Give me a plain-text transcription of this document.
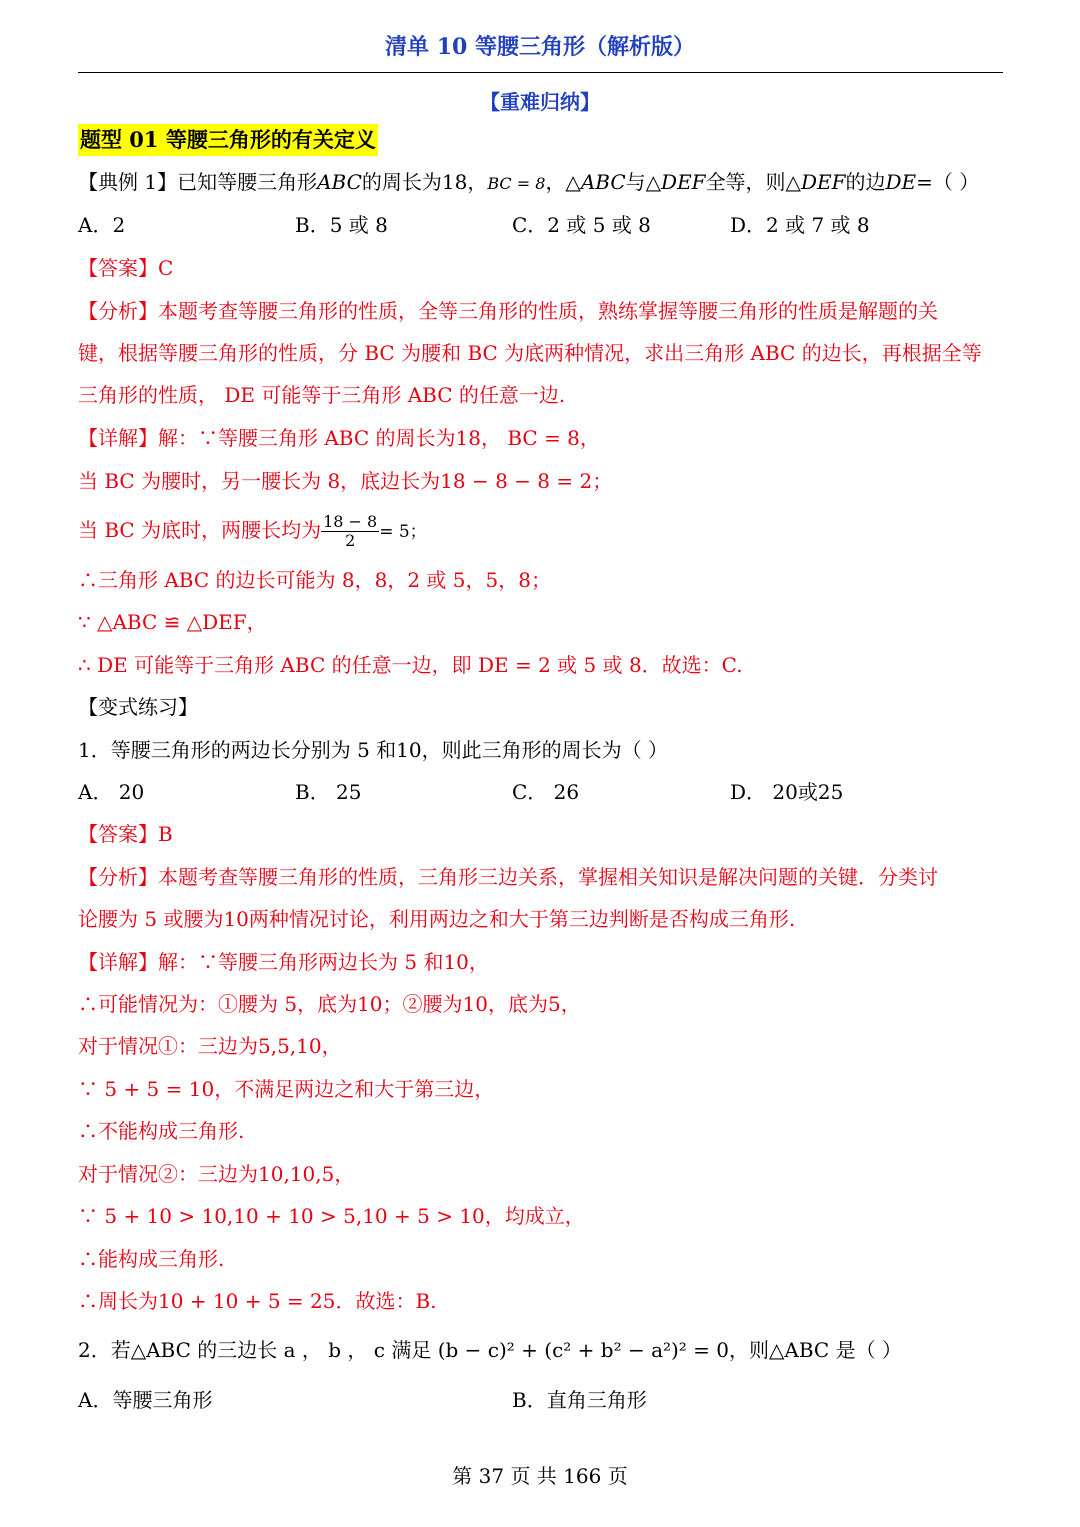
清单 10 等腰三角形（解析版）
【重难归纳】
题型 01 等腰三角形的有关定义
【典例 1】已知等腰三角形ABC的周长为18，BC = 8，△ABC与△DEF全等，则△DEF的边DE=（ ）
A．2	B．5 或 8	C．2 或 5 或 8	D．2 或 7 或 8
【答案】C
【分析】本题考查等腰三角形的性质，全等三角形的性质，熟练掌握等腰三角形的性质是解题的关
键，根据等腰三角形的性质，分 BC 为腰和 BC 为底两种情况，求出三角形 ABC 的边长，再根据全等
三角形的性质， DE 可能等于三角形 ABC 的任意一边.
【详解】解：∵等腰三角形 ABC 的周长为18， BC = 8，
当 BC 为腰时，另一腰长为 8，底边长为18 − 8 − 8 = 2；
当 BC 为底时，两腰长均为 $\frac{18 - 8}{2} = 5$；
∴三角形 ABC 的边长可能为 8，8，2 或 5，5，8；
∵ △ABC ≌ △DEF，
∴ DE 可能等于三角形 ABC 的任意一边，即 DE = 2 或 5 或 8．故选：C.
【变式练习】
1．等腰三角形的两边长分别为 5 和10，则此三角形的周长为（ ）
A． 20	B． 25	C． 26	D． 20或25
【答案】B
【分析】本题考查等腰三角形的性质，三角形三边关系，掌握相关知识是解决问题的关键．分类讨
论腰为 5 或腰为10两种情况讨论，利用两边之和大于第三边判断是否构成三角形.
【详解】解：∵等腰三角形两边长为 5 和10，
∴可能情况为：①腰为 5，底为10；②腰为10，底为5，
对于情况①：三边为5,5,10，
∵ 5 + 5 = 10，不满足两边之和大于第三边，
∴不能构成三角形.
对于情况②：三边为10,10,5，
∵ 5 + 10 > 10,10 + 10 > 5,10 + 5 > 10，均成立，
∴能构成三角形.
∴周长为10 + 10 + 5 = 25．故选：B.
2．若△ABC 的三边长 a ， b ， c 满足 (b − c)² + (c² + b² − a²)² = 0，则△ABC 是（ ）
A．等腰三角形	B．直角三角形
第 37 页 共 166 页
